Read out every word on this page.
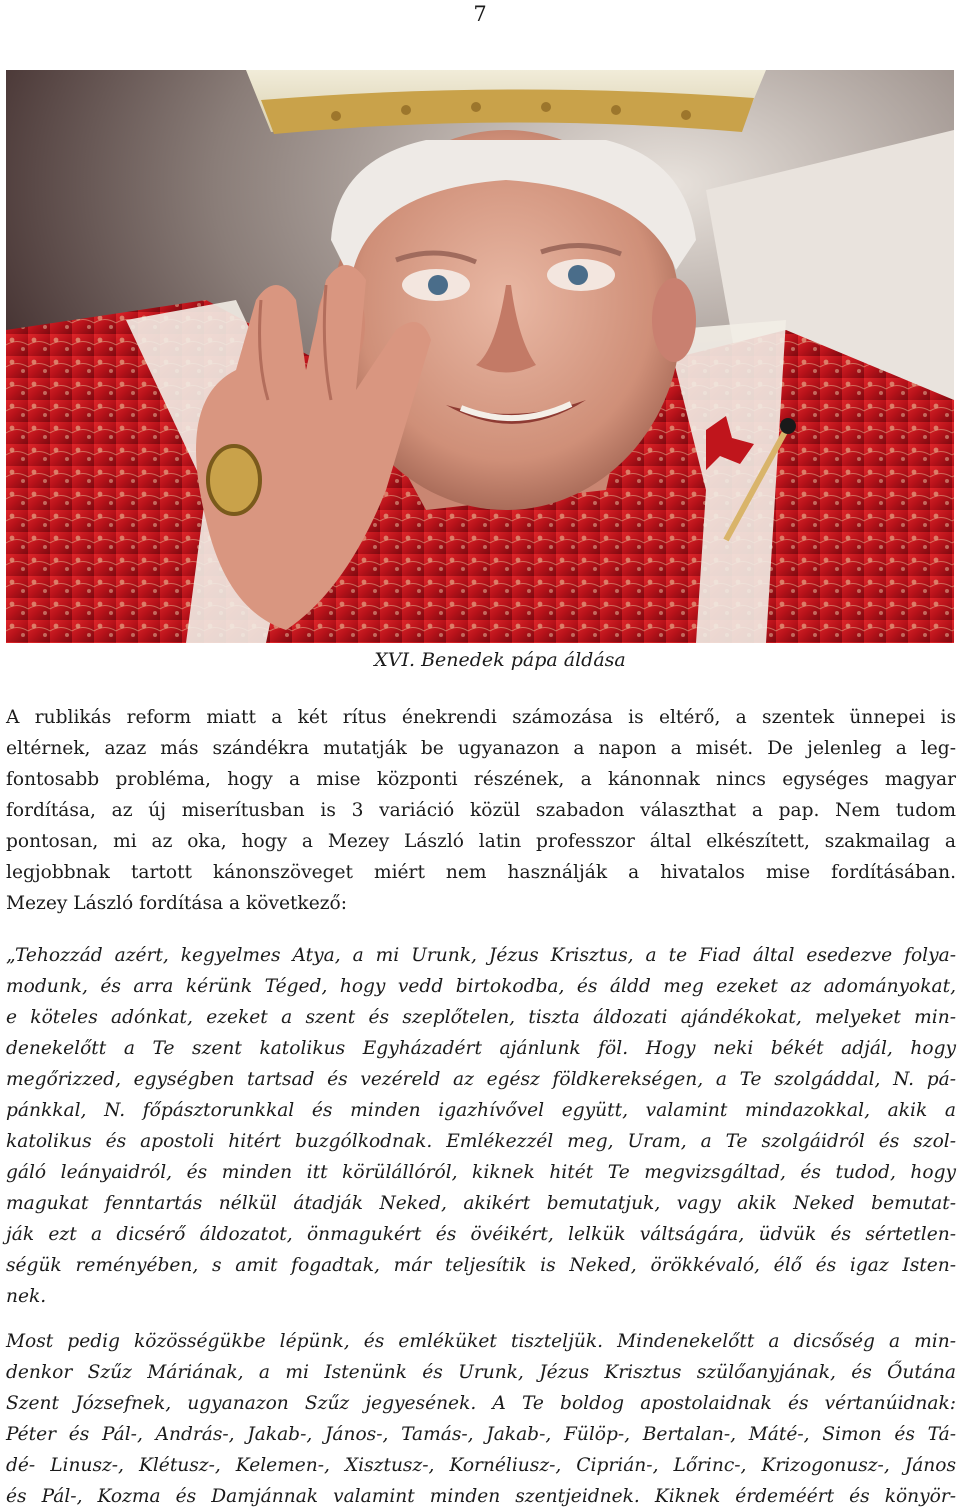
7
XVI. Benedek pápa áldása
A rublikás reform miatt a két rítus énekrendi számozása is eltérő, a szentek ünnepei is
eltérnek, azaz más szándékra mutatják be ugyanazon a napon a misét. De jelenleg a leg-
fontosabb probléma, hogy a mise központi részének, a kánonnak nincs egységes magyar
fordítása, az új miserítusban is 3 variáció közül szabadon választhat a pap. Nem tudom
pontosan, mi az oka, hogy a Mezey László latin professzor által elkészített, szakmailag a
legjobbnak tartott kánonszöveget miért nem használják a hivatalos mise fordításában.
Mezey László fordítása a következő:
„Tehozzád azért, kegyelmes Atya, a mi Urunk, Jézus Krisztus, a te Fiad által esedezve folya-
modunk, és arra kérünk Téged, hogy vedd birtokodba, és áldd meg ezeket az adományokat,
e köteles adónkat, ezeket a szent és szeplőtelen, tiszta áldozati ajándékokat, melyeket min-
denekelőtt a Te szent katolikus Egyházadért ajánlunk föl. Hogy neki békét adjál, hogy
megőrizzed, egységben tartsad és vezéreld az egész földkerekségen, a Te szolgáddal, N. pá-
pánkkal, N. főpásztorunkkal és minden igazhívővel együtt, valamint mindazokkal, akik a
katolikus és apostoli hitért buzgólkodnak. Emlékezzél meg, Uram, a Te szolgáidról és szol-
gáló leányaidról, és minden itt körülállóról, kiknek hitét Te megvizsgáltad, és tudod, hogy
magukat fenntartás nélkül átadják Neked, akikért bemutatjuk, vagy akik Neked bemutat-
ják ezt a dicsérő áldozatot, önmagukért és övéikért, lelkük váltságára, üdvük és sértetlen-
ségük reményében, s amit fogadtak, már teljesítik is Neked, örökkévaló, élő és igaz Isten-
nek.
Most pedig közösségükbe lépünk, és emléküket tiszteljük. Mindenekelőtt a dicsőség a min-
denkor Szűz Máriának, a mi Istenünk és Urunk, Jézus Krisztus szülőanyjának, és Őutána
Szent Józsefnek, ugyanazon Szűz jegyesének. A Te boldog apostolaidnak és vértanúidnak:
Péter és Pál-, András-, Jakab-, János-, Tamás-, Jakab-, Fülöp-, Bertalan-, Máté-, Simon és Tá-
dé- Linusz-, Klétusz-, Kelemen-, Xisztusz-, Kornéliusz-, Ciprián-, Lőrinc-, Krizogonusz-, János
és Pál-, Kozma és Damjánnak valamint minden szentjeidnek. Kiknek érdeméért és könyör-
